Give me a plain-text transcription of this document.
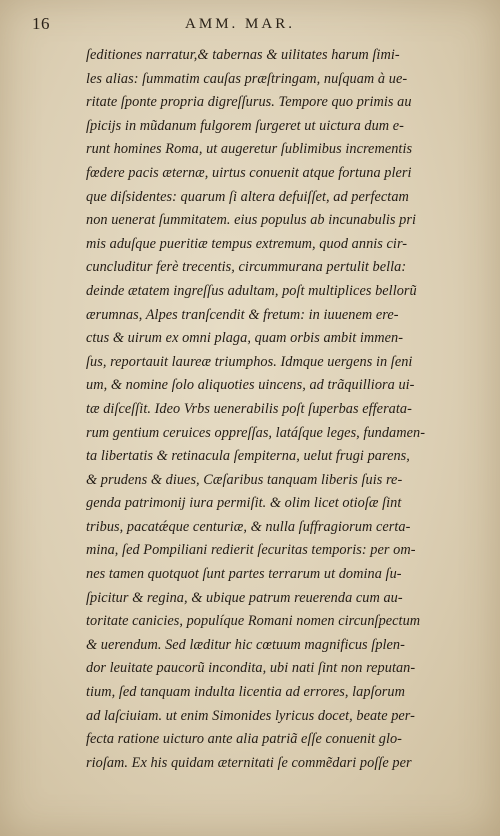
16	AMM. MAR.
ſeditiones narratur,& tabernas & uilitates harum ſimi-
les alias: ſummatim cauſas præſtringam, nuſquam à ue-
ritate ſponte propria digreſſurus. Tempore quo primis au
ſpicijs in mũdanum fulgorem ſurgeret ut uictura dum e-
runt homines Roma, ut augeretur ſublimibus incrementis
fœdere pacis æternæ, uirtus conuenit atque fortuna pleri
que diſsidentes: quarum ſi altera defuiſſet, ad perfectam
non uenerat ſummitatem. eius populus ab incunabulis pri
mis aduſque pueritiæ tempus extremum, quod annis cir-
cuncluditur ferè trecentis, circummurana pertulit bella:
deinde ætatem ingreſſus adultam, poſt multiplices bellorũ
ærumnas, Alpes tranſcendit & fretum: in iuuenem ere-
ctus & uirum ex omni plaga, quam orbis ambit immen-
ſus, reportauit laureæ triumphos. Idmque uergens in ſeni
um, & nomine ſolo aliquoties uincens, ad trãquilliora ui-
tæ diſceſſit. Ideo Vrbs uenerabilis poſt ſuperbas efferata-
rum gentium ceruices oppreſſas, latáſque leges, fundamen-
ta libertatis & retinacula ſempiterna, uelut frugi parens,
& prudens & diues, Cæſaribus tanquam liberis ſuis re-
genda patrimonij iura permiſit. & olim licet otioſæ ſint
tribus, pacatǽque centuriæ, & nulla ſuffragiorum certa-
mina, ſed Pompiliani redierit ſecuritas temporis: per om-
nes tamen quotquot ſunt partes terrarum ut domina ſu-
ſpicitur & regina, & ubique patrum reuerenda cum au-
toritate canicies, populíque Romani nomen circunſpectum
& uerendum. Sed læditur hic cœtuum magnificus ſplen-
dor leuitate paucorũ incondita, ubi nati ſint non reputan-
tium, ſed tanquam indulta licentia ad errores, lapſorum
ad laſciuiam. ut enim Simonides lyricus docet, beate per-
fecta ratione uicturo ante alia patriã eſſe conuenit glo-
rioſam. Ex his quidam æternitati ſe commẽdari poſſe per
